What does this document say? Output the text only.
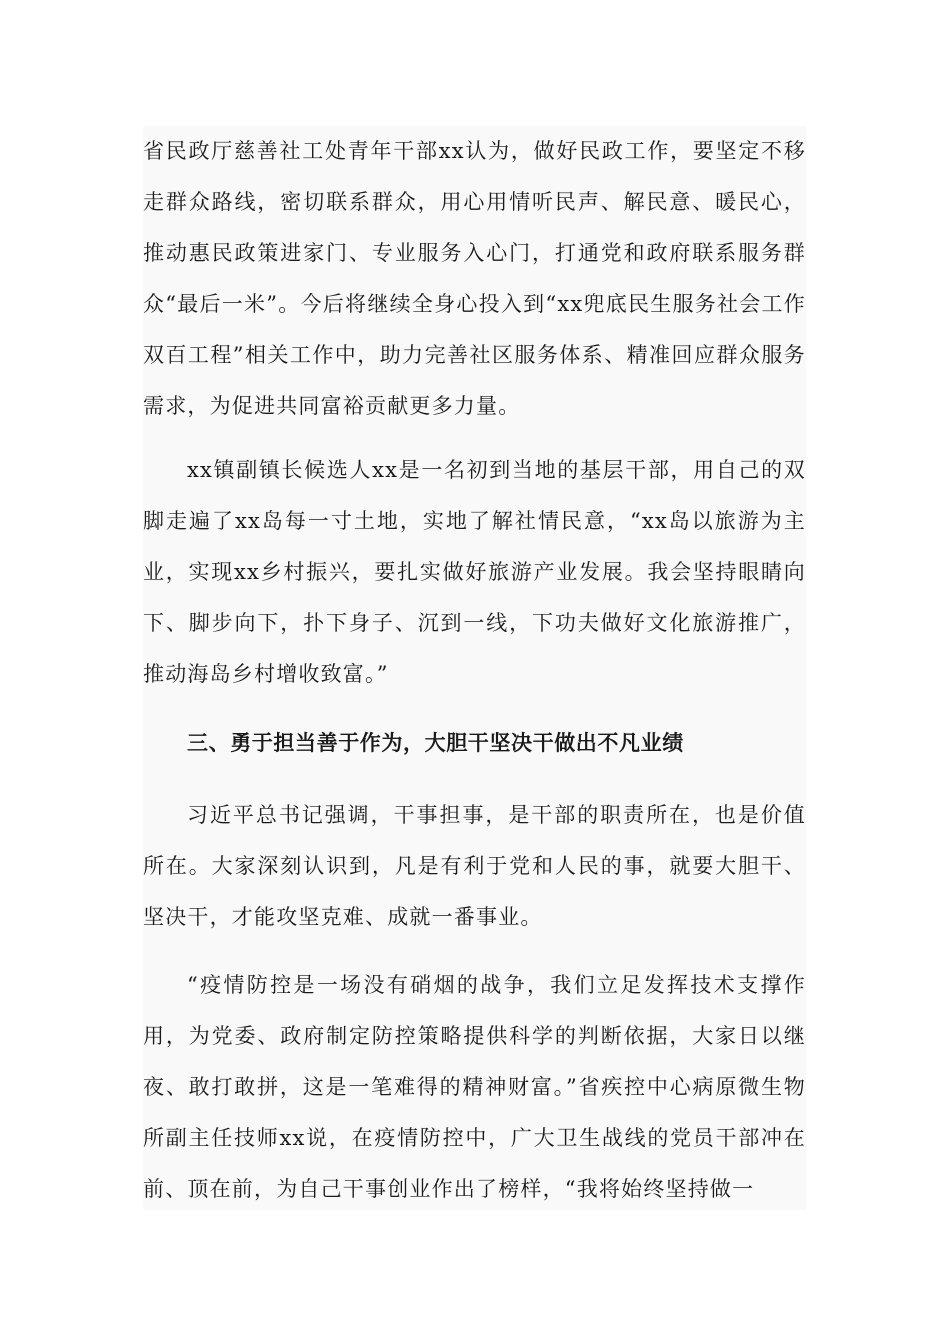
省民政厅慈善社工处青年干部xx认为，做好民政工作，要坚定不移走群众路线，密切联系群众，用心用情听民声、解民意、暖民心，推动惠民政策进家门、专业服务入心门，打通党和政府联系服务群众“最后一米”。今后将继续全身心投入到“xx兜底民生服务社会工作双百工程”相关工作中，助力完善社区服务体系、精准回应群众服务需求，为促进共同富裕贡献更多力量。

xx镇副镇长候选人xx是一名初到当地的基层干部，用自己的双脚走遍了xx岛每一寸土地，实地了解社情民意，“xx岛以旅游为主业，实现xx乡村振兴，要扎实做好旅游产业发展。我会坚持眼睛向下、脚步向下，扑下身子、沉到一线，下功夫做好文化旅游推广，推动海岛乡村增收致富。”

三、勇于担当善于作为，大胆干坚决干做出不凡业绩

习近平总书记强调，干事担事，是干部的职责所在，也是价值所在。大家深刻认识到，凡是有利于党和人民的事，就要大胆干、坚决干，才能攻坚克难、成就一番事业。

“疫情防控是一场没有硝烟的战争，我们立足发挥技术支撑作用，为党委、政府制定防控策略提供科学的判断依据，大家日以继夜、敢打敢拼，这是一笔难得的精神财富。”省疾控中心病原微生物所副主任技师xx说，在疫情防控中，广大卫生战线的党员干部冲在前、顶在前，为自己干事创业作出了榜样，“我将始终坚持做一
